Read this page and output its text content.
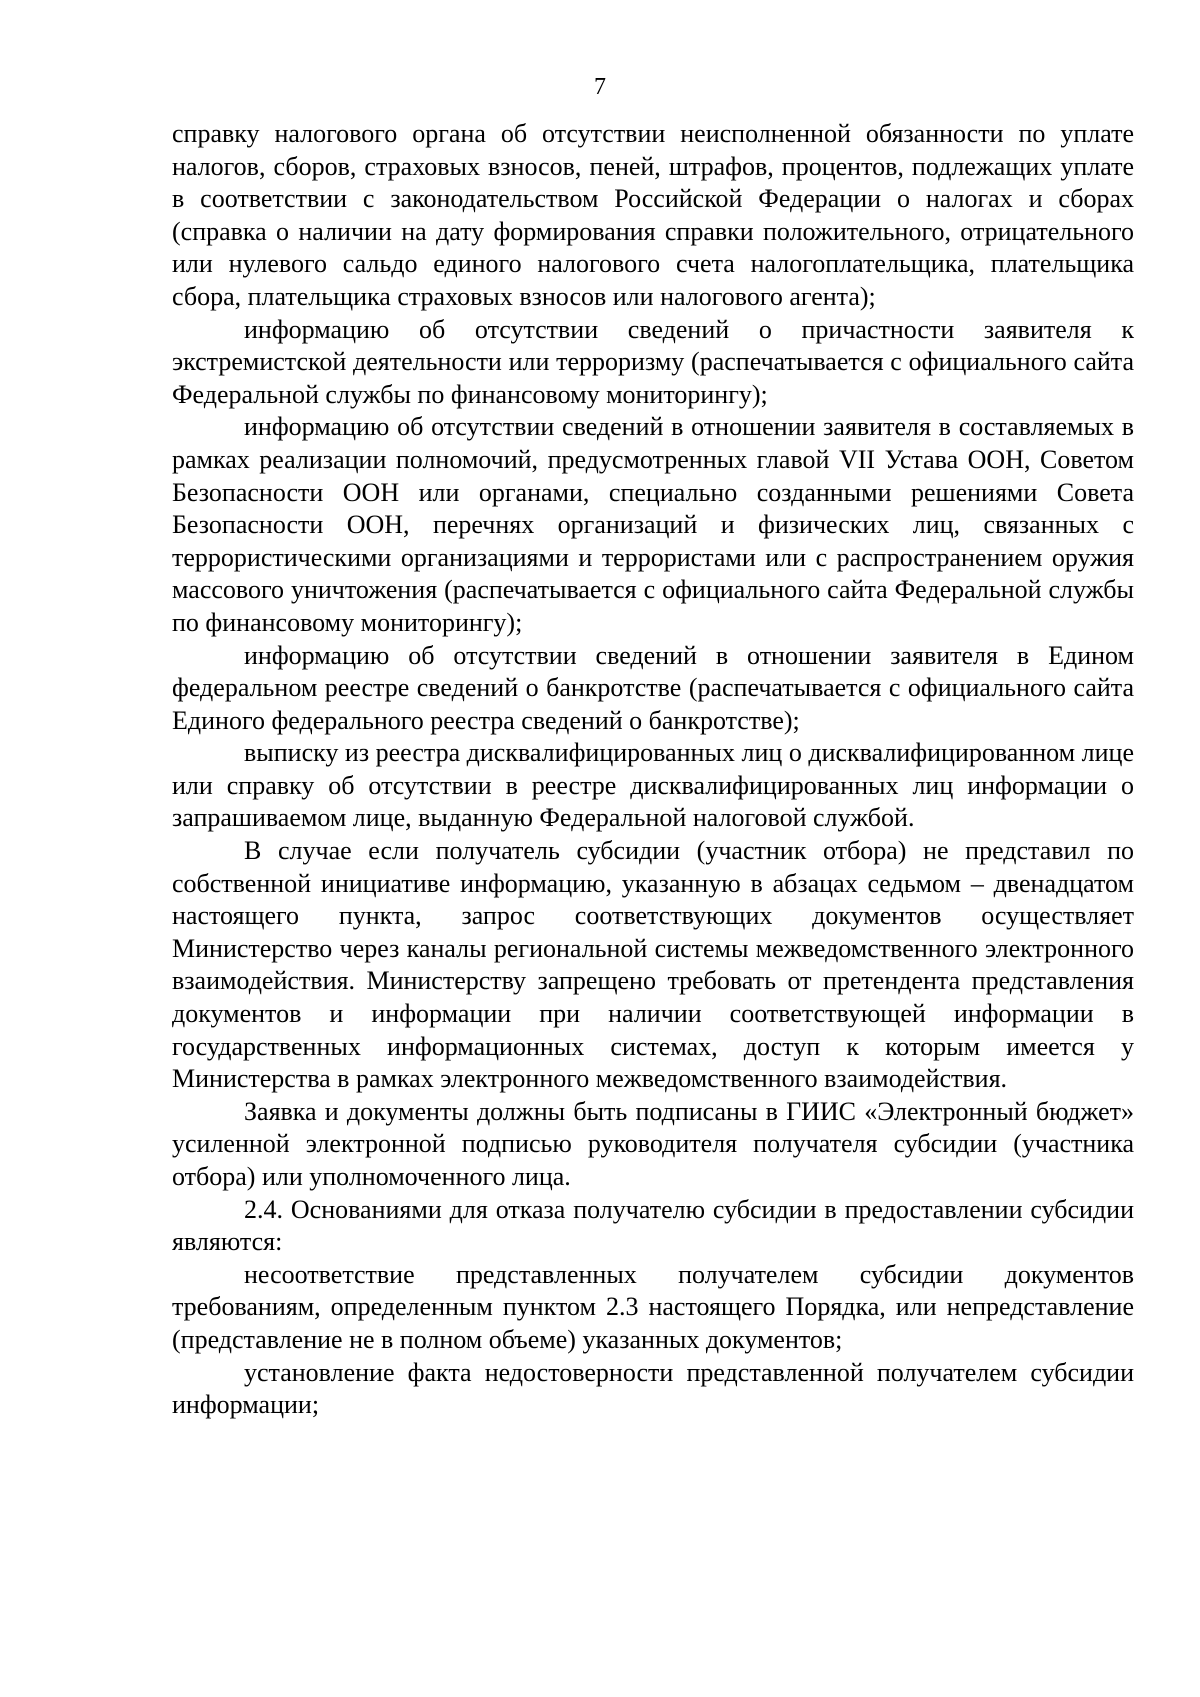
7

справку налогового органа об отсутствии неисполненной обязанности по уплате налогов, сборов, страховых взносов, пеней, штрафов, процентов, подлежащих уплате в соответствии с законодательством Российской Федерации о налогах и сборах (справка о наличии на дату формирования справки положительного, отрицательного или нулевого сальдо единого налогового счета налогоплательщика, плательщика сбора, плательщика страховых взносов или налогового агента);

информацию об отсутствии сведений о причастности заявителя к экстремистской деятельности или терроризму (распечатывается с официального сайта Федеральной службы по финансовому мониторингу);

информацию об отсутствии сведений в отношении заявителя в составляемых в рамках реализации полномочий, предусмотренных главой VII Устава ООН, Советом Безопасности ООН или органами, специально созданными решениями Совета Безопасности ООН, перечнях организаций и физических лиц, связанных с террористическими организациями и террористами или с распространением оружия массового уничтожения (распечатывается с официального сайта Федеральной службы по финансовому мониторингу);

информацию об отсутствии сведений в отношении заявителя в Едином федеральном реестре сведений о банкротстве (распечатывается с официального сайта Единого федерального реестра сведений о банкротстве);

выписку из реестра дисквалифицированных лиц о дисквалифицированном лице или справку об отсутствии в реестре дисквалифицированных лиц информации о запрашиваемом лице, выданную Федеральной налоговой службой.

В случае если получатель субсидии (участник отбора) не представил по собственной инициативе информацию, указанную в абзацах седьмом – двенадцатом настоящего пункта, запрос соответствующих документов осуществляет Министерство через каналы региональной системы межведомственного электронного взаимодействия. Министерству запрещено требовать от претендента представления документов и информации при наличии соответствующей информации в государственных информационных системах, доступ к которым имеется у Министерства в рамках электронного межведомственного взаимодействия.

Заявка и документы должны быть подписаны в ГИИС «Электронный бюджет» усиленной электронной подписью руководителя получателя субсидии (участника отбора) или уполномоченного лица.

2.4. Основаниями для отказа получателю субсидии в предоставлении субсидии являются:

несоответствие представленных получателем субсидии документов требованиям, определенным пунктом 2.3 настоящего Порядка, или непредставление (представление не в полном объеме) указанных документов;

установление факта недостоверности представленной получателем субсидии информации;
